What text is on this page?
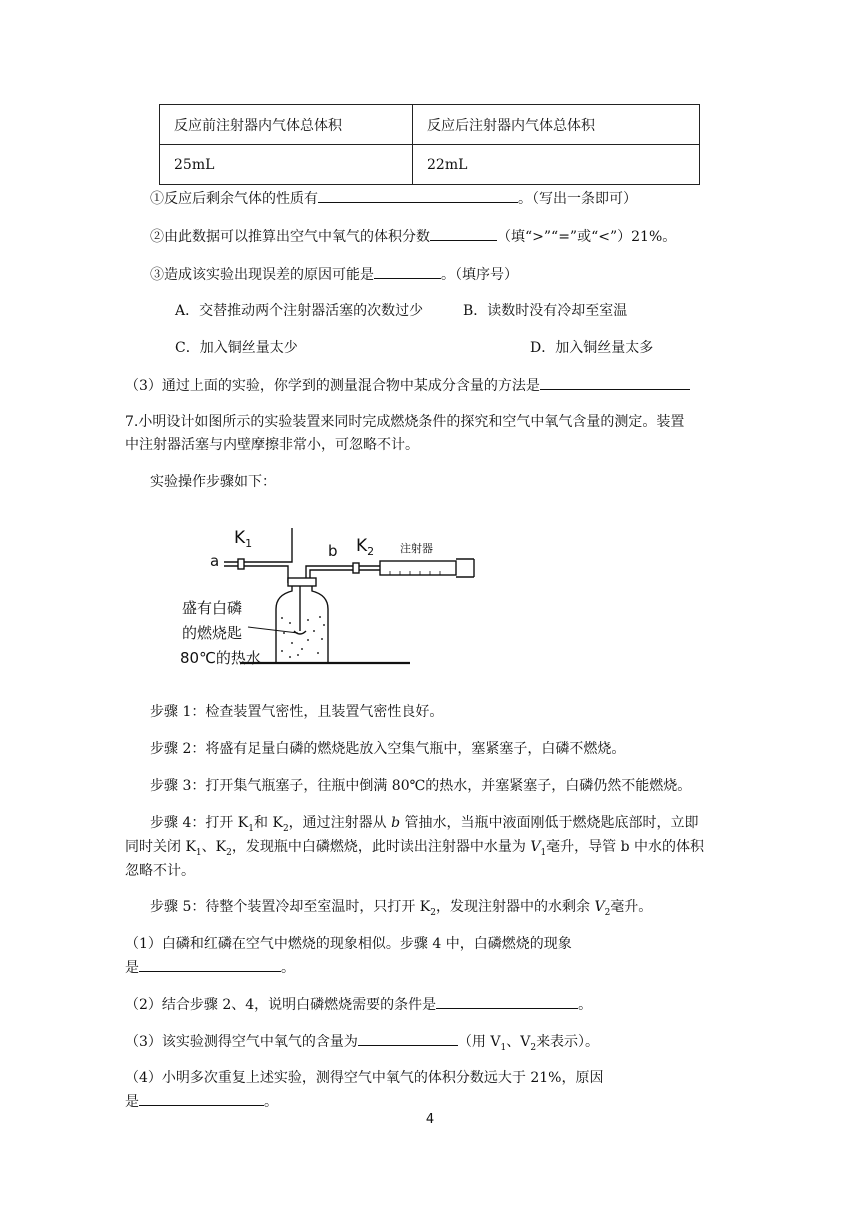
反应前注射器内气体总体积	反应后注射器内气体总体积
25mL	22mL
①反应后剩余气体的性质有	。（写出一条即可）
②由此数据可以推算出空气中氧气的体积分数	（填“>”“=”或“<”）21%。
③造成该实验出现误差的原因可能是	。（填序号）
A．交替推动两个注射器活塞的次数过少	B．读数时没有冷却至室温
C．加入铜丝量太少	D．加入铜丝量太多
（3）通过上面的实验，你学到的测量混合物中某成分含量的方法是
7.小明设计如图所示的实验装置来同时完成燃烧条件的探究和空气中氧气含量的测定。装置
中注射器活塞与内壁摩擦非常小，可忽略不计。
实验操作步骤如下：
$K_1$	$K_2$
a
b	注射器
盛有白磷
的燃烧匙
80℃的热水
步骤 1：检查装置气密性，且装置气密性良好。
步骤 2：将盛有足量白磷的燃烧匙放入空集气瓶中，塞紧塞子，白磷不燃烧。
步骤 3：打开集气瓶塞子，往瓶中倒满 80℃的热水，并塞紧塞子，白磷仍然不能燃烧。
步骤 4：打开 $K_1$和 $K_2$，通过注射器从 b 管抽水，当瓶中液面刚低于燃烧匙底部时，立即
同时关闭 $K_1$、$K_2$，发现瓶中白磷燃烧，此时读出注射器中水量为 $V_1$毫升，导管 b 中水的体积
忽略不计。
步骤 5：待整个装置冷却至室温时，只打开 $K_2$，发现注射器中的水剩余 $V_2$毫升。
（1）白磷和红磷在空气中燃烧的现象相似。步骤 4 中，白磷燃烧的现象
是	。
（2）结合步骤 2、4，说明白磷燃烧需要的条件是	。
（3）该实验测得空气中氧气的含量为	（用 $V_1$、$V_2$来表示）。
（4）小明多次重复上述实验，测得空气中氧气的体积分数远大于 21%，原因
是	。
4
